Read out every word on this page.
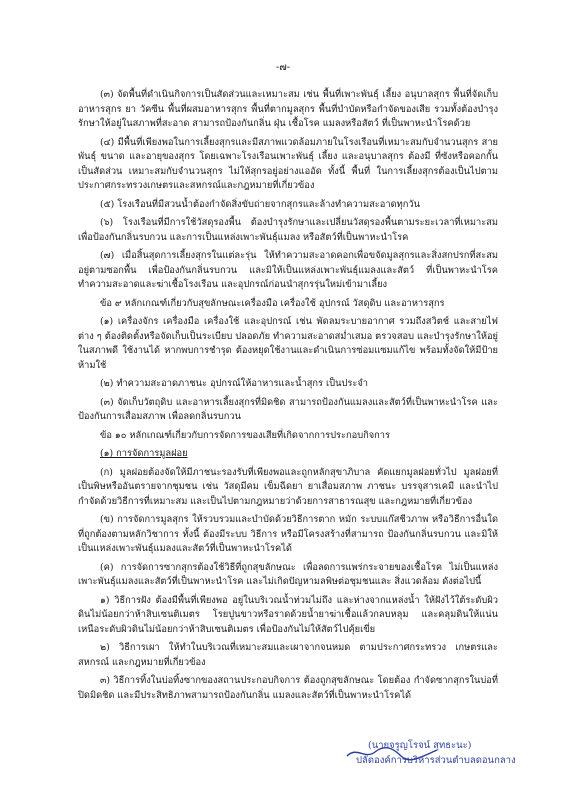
-๗-

(๓) จัดพื้นที่ดำเนินกิจการเป็นสัดส่วนและเหมาะสม เช่น พื้นที่เพาะพันธุ์ เลี้ยง อนุบาลสุกร พื้นที่จัดเก็บอาหารสุกร ยา วัคซีน พื้นที่ผสมอาหารสุกร พื้นที่ตากมูลสุกร พื้นที่บำบัดหรือกำจัดของเสีย รวมทั้งต้องบำรุงรักษาให้อยู่ในสภาพที่สะอาด สามารถป้องกันกลิ่น ฝุ่น เชื้อโรค แมลงหรือสัตว์ ที่เป็นพาหะนำโรคด้วย

(๔) มีพื้นที่เพียงพอในการเลี้ยงสุกรและมีสภาพแวดล้อมภายในโรงเรือนที่เหมาะสมกับจำนวนสุกร สายพันธุ์ ขนาด และอายุของสุกร โดยเฉพาะโรงเรือนเพาะพันธุ์ เลี้ยง และอนุบาลสุกร ต้องมี ที่ซังหรือคอกกั้น เป็นสัดส่วน เหมาะสมกับจำนวนสุกร ไม่ให้สุกรอยู่อย่างแออัด ทั้งนี้ พื้นที่ ในการเลี้ยงสุกรต้องเป็นไปตามประกาศกระทรวงเกษตรและสหกรณ์และกฎหมายที่เกี่ยวข้อง

(๕) โรงเรือนที่มีสวนน้ำต้องกำจัดสิ่งขับถ่ายจากสุกรและล้างทำความสะอาดทุกวัน

(๖) โรงเรือนที่มีการใช้วัสดุรองพื้น ต้องบำรุงรักษาและเปลี่ยนวัสดุรองพื้นตามระยะเวลาที่เหมาะสม เพื่อป้องกันกลิ่นรบกวน และการเป็นแหล่งเพาะพันธุ์แมลง หรือสัตว์ที่เป็นพาหะนำโรค

(๗) เมื่อสิ้นสุดการเลี้ยงสุกรในแต่ละรุ่น ให้ทำความสะอาดคอกเพื่อขจัดมูลสุกรและสิ่งสกปรกที่สะสมอยู่ตามซอกพื้น เพื่อป้องกันกลิ่นรบกวน และมิให้เป็นแหล่งเพาะพันธุ์แมลงและสัตว์ ที่เป็นพาหะนำโรค ทำความสะอาดและฆ่าเชื้อโรงเรือน และอุปกรณ์ก่อนนำสุกรรุ่นใหม่เข้ามาเลี้ยง

ข้อ ๙ หลักเกณฑ์เกี่ยวกับสุขลักษณะเครื่องมือ เครื่องใช้ อุปกรณ์ วัสดุดิบ และอาหารสุกร

(๑) เครื่องจักร เครื่องมือ เครื่องใช้ และอุปกรณ์ เช่น พัดลมระบายอากาศ รวมถึงสวิตช์ และสายไฟต่าง ๆ ต้องติดตั้งหรือจัดเก็บเป็นระเบียบ ปลอดภัย ทำความสะอาดสม่ำเสมอ ตรวจสอบ และบำรุงรักษาให้อยู่ในสภาพดี ใช้งานได้ หากพบการชำรุด ต้องหยุดใช้งานและดำเนินการซ่อมแซมแก้ไข พร้อมทั้งจัดให้มีป้ายห้ามใช้

(๒) ทำความสะอาดภาชนะ อุปกรณ์ให้อาหารและน้ำสุกร เป็นประจำ

(๓) จัดเก็บวัตถุดิบ และอาหารเลี้ยงสุกรที่มิดชิด สามารถป้องกันแมลงและสัตว์ที่เป็นพาหะนำโรค และป้องกันการเสื่อมสภาพ เพื่อลดกลิ่นรบกวน

ข้อ ๑๐ หลักเกณฑ์เกี่ยวกับการจัดการของเสียที่เกิดจากการประกอบกิจการ

(๑) การจัดการมูลฝอย

(ก) มูลฝอยต้องจัดให้มีภาชนะรองรับที่เพียงพอและถูกหลักสุขาภิบาล คัดแยกมูลฝอยทั่วไป มูลฝอยที่เป็นพิษหรืออันตรายจากชุมชน เช่น วัสดุมีคม เข็มฉีดยา ยาเสื่อมสภาพ ภาชนะ บรรจุสารเคมี และนำไปกำจัดด้วยวิธีการที่เหมาะสม และเป็นไปตามกฎหมายว่าด้วยการสาธารณสุข และกฎหมายที่เกี่ยวข้อง

(ข) การจัดการมูลสุกร ให้รวบรวมและบำบัดด้วยวิธีการตาก หมัก ระบบแก๊สชีวภาพ หรือวิธีการอื่นใดที่ถูกต้องตามหลักวิชาการ ทั้งนี้ ต้องมีระบบ วิธีการ หรือมีโครงสร้างที่สามารถ ป้องกันกลิ่นรบกวน และมิให้เป็นแหล่งเพาะพันธุ์แมลงและสัตว์ที่เป็นพาหะนำโรคได้

(ค) การจัดการซากสุกรต้องใช้วิธีที่ถูกสุขลักษณะ เพื่อลดการแพร่กระจายของเชื้อโรค ไม่เป็นแหล่งเพาะพันธุ์แมลงและสัตว์ที่เป็นพาหะนำโรค และไม่เกิดปัญหามลพิษต่อชุมชนและ สิ่งแวดล้อม ดังต่อไปนี้

๑) วิธีการฝัง ต้องมีพื้นที่เพียงพอ อยู่ในบริเวณน้ำท่วมไม่ถึง และห่างจากแหล่งน้ำ ให้ฝังไว้ใต้ระดับผิวดินไม่น้อยกว่าห้าสิบเซนติเมตร โรยปูนขาวหรือราดด้วยน้ำยาฆ่าเชื้อแล้วกลบหลุม และคลุมดินให้แน่นเหนือระดับผิวดินไม่น้อยกว่าห้าสิบเซนติเมตร เพื่อป้องกันไม่ให้สัตว์ไปคุ้ยเขี่ย

๒) วิธีการเผา ให้ทำในบริเวณที่เหมาะสมและเผาจากจนหมด ตามประกาศกระทรวง เกษตรและสหกรณ์ และกฎหมายที่เกี่ยวข้อง

๓) วิธีการทิ้งในบ่อทิ้งซากของสถานประกอบกิจการ ต้องถูกสุขลักษณะ โดยต้อง กำจัดซากสุกรในบ่อที่ปิดมิดชิด และมีประสิทธิภาพสามารถป้องกันกลิ่น แมลงและสัตว์ที่เป็นพาหะนำโรคได้

(นายจรูญโรจน์ สุทธะนะ)
ปลัดองค์การบริหารส่วนตำบลดอนกลาง
